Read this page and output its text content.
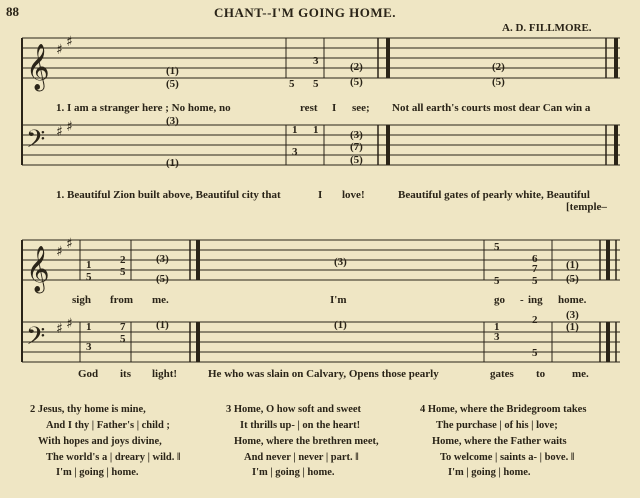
88	CHANT--I'M GOING HOME.
A. D. FILLMORE.
𝄞 ♯ ♯
(1)
(5)
3
5 5
(2)
(5)
(2)
(5)
𝄢 ♯ ♯	(3)
(1)
1 1
3
(3)
(7)
(5)
𝄞 ♯ ♯
1
5
2
5
(3)
(5)
(3)
5
5
6
7
5
(1)
(5)
𝄢 ♯ ♯ 1
3
7
5
(1)	(1)	1
3
2
5
(3)
(1)
1. I am a stranger here ; No home, no	rest I see; Not all earth's courts most dear Can win a
1. Beautiful Zion built above, Beautiful city that	I love!	Beautiful gates of pearly white, Beautiful
[temple–
sigh from me.	I'm	go - ing home.
God its light!	He who was slain on Calvary, Opens those pearly	gates to me.
2 Jesus, thy home is mine,
And I thy | Father's | child ;
With hopes and joys divine,
The world's a | dreary | wild. ‖
I'm | going | home.
3 Home, O how soft and sweet
It thrills up- | on the heart!
Home, where the brethren meet,
And never | never | part. ‖
I'm | going | home.
4 Home, where the Bridegroom takes
The purchase | of his | love;
Home, where the Father waits
To welcome | saints a- | bove. ‖
I'm | going | home.
